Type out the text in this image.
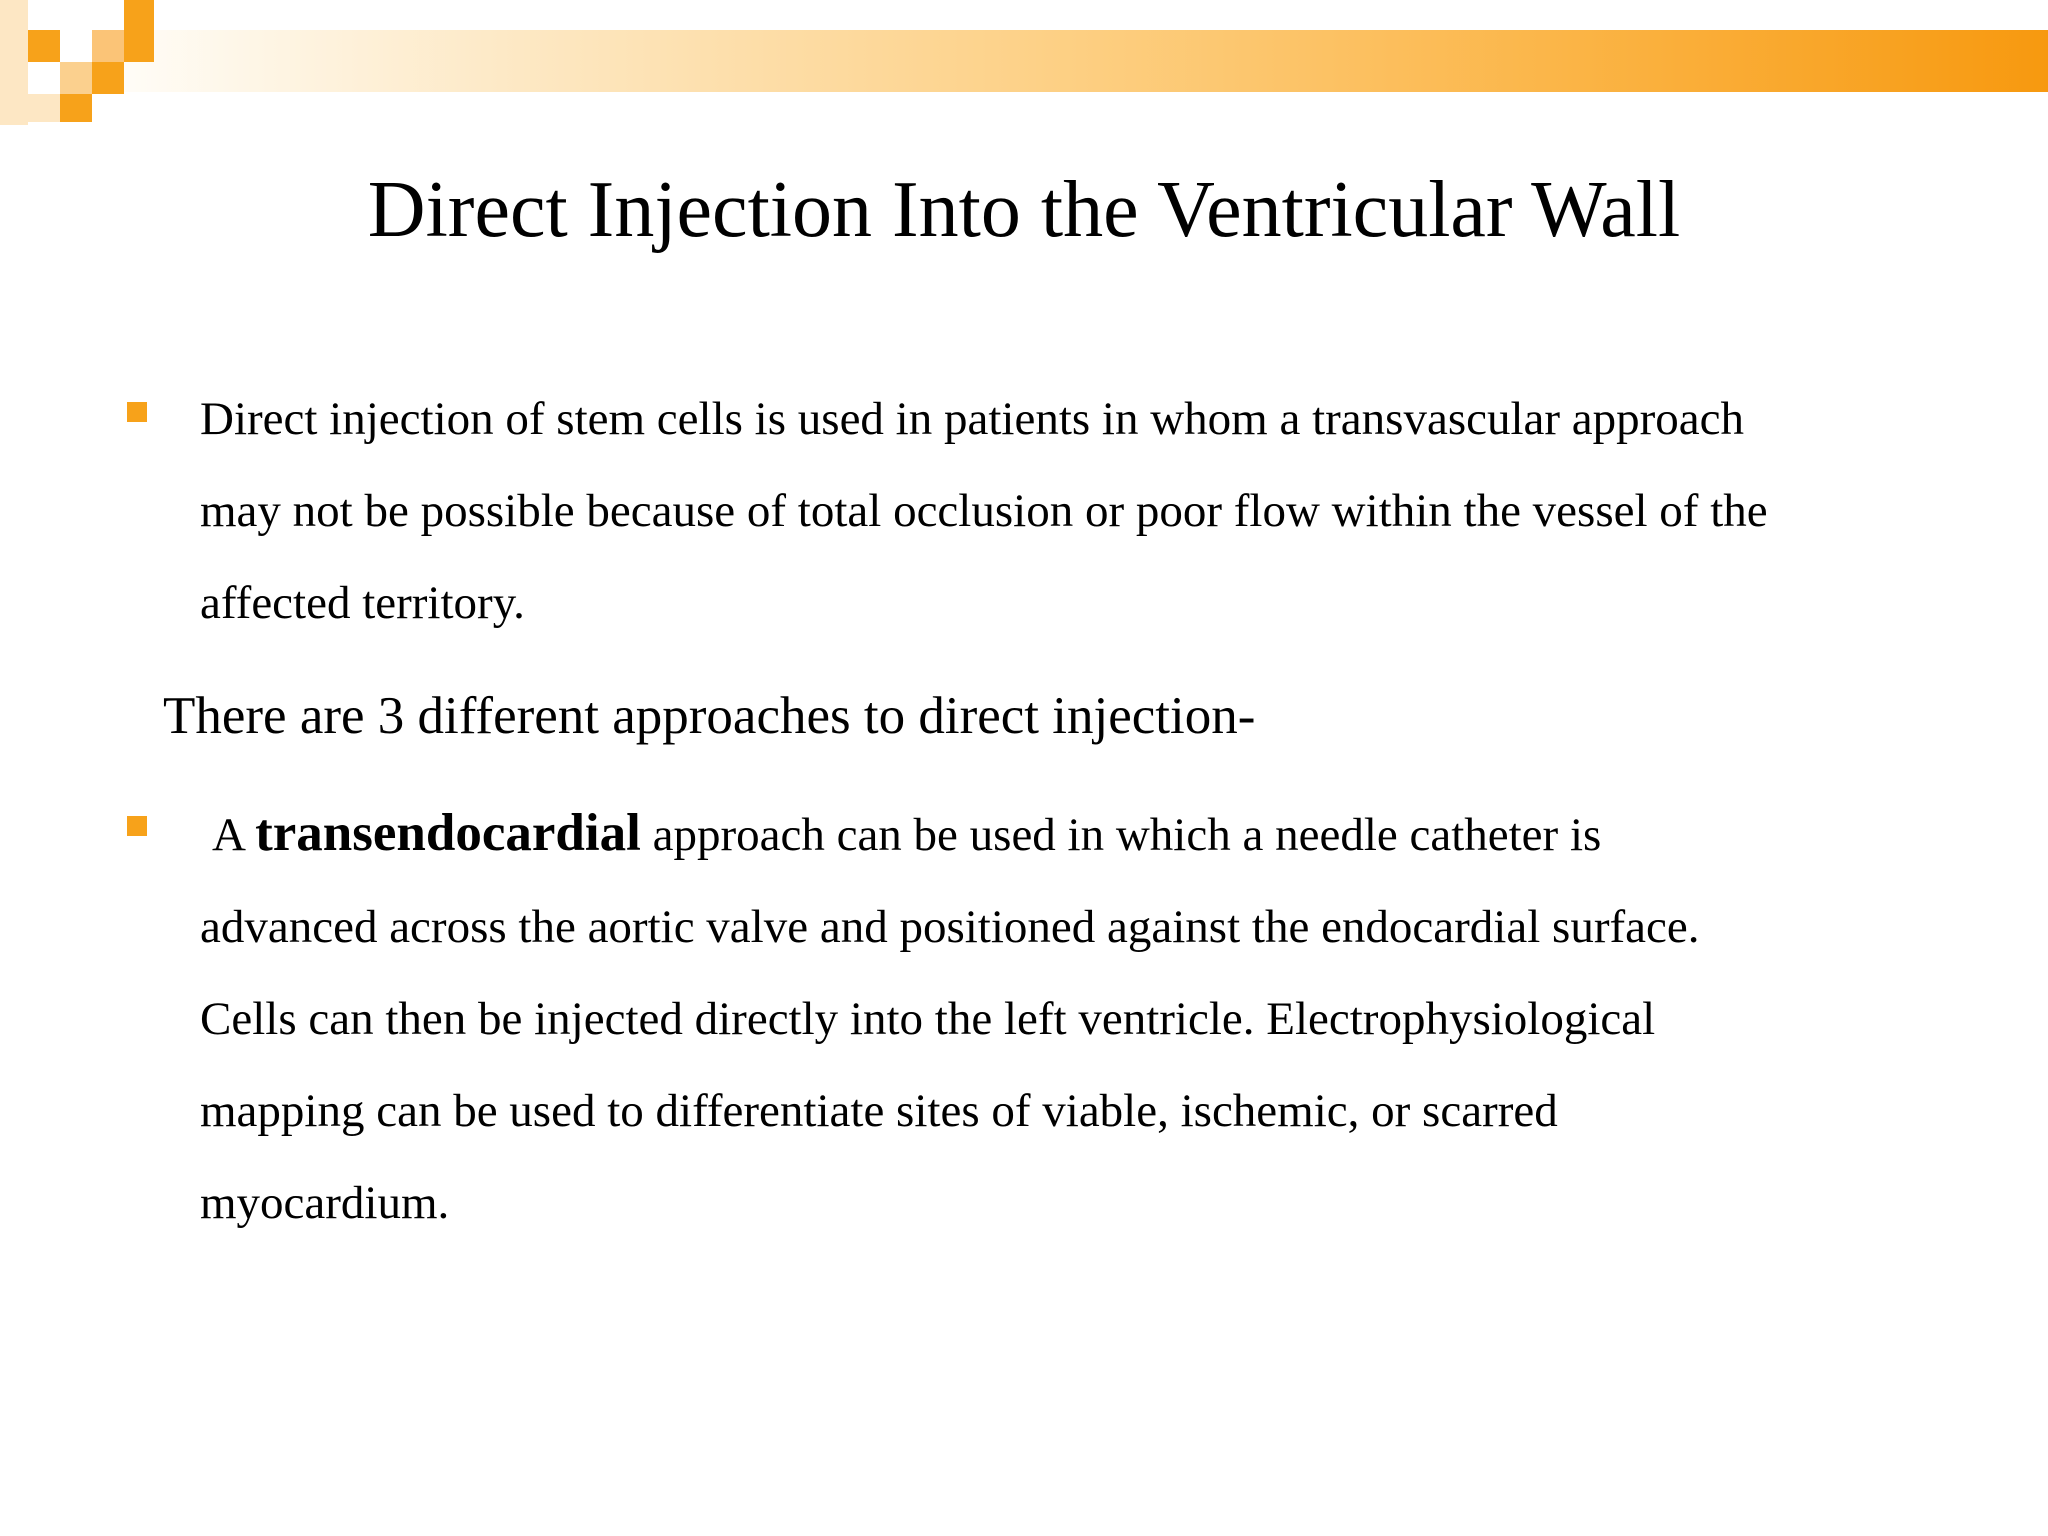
Direct Injection Into the Ventricular Wall

Direct injection of stem cells is used in patients in whom a transvascular approach
may not be possible because of total occlusion or poor flow within the vessel of the
affected territory.

There are 3 different approaches to direct injection-

A transendocardial approach can be used in which a needle catheter is
advanced across the aortic valve and positioned against the endocardial surface.
Cells can then be injected directly into the left ventricle. Electrophysiological
mapping can be used to differentiate sites of viable, ischemic, or scarred
myocardium.
